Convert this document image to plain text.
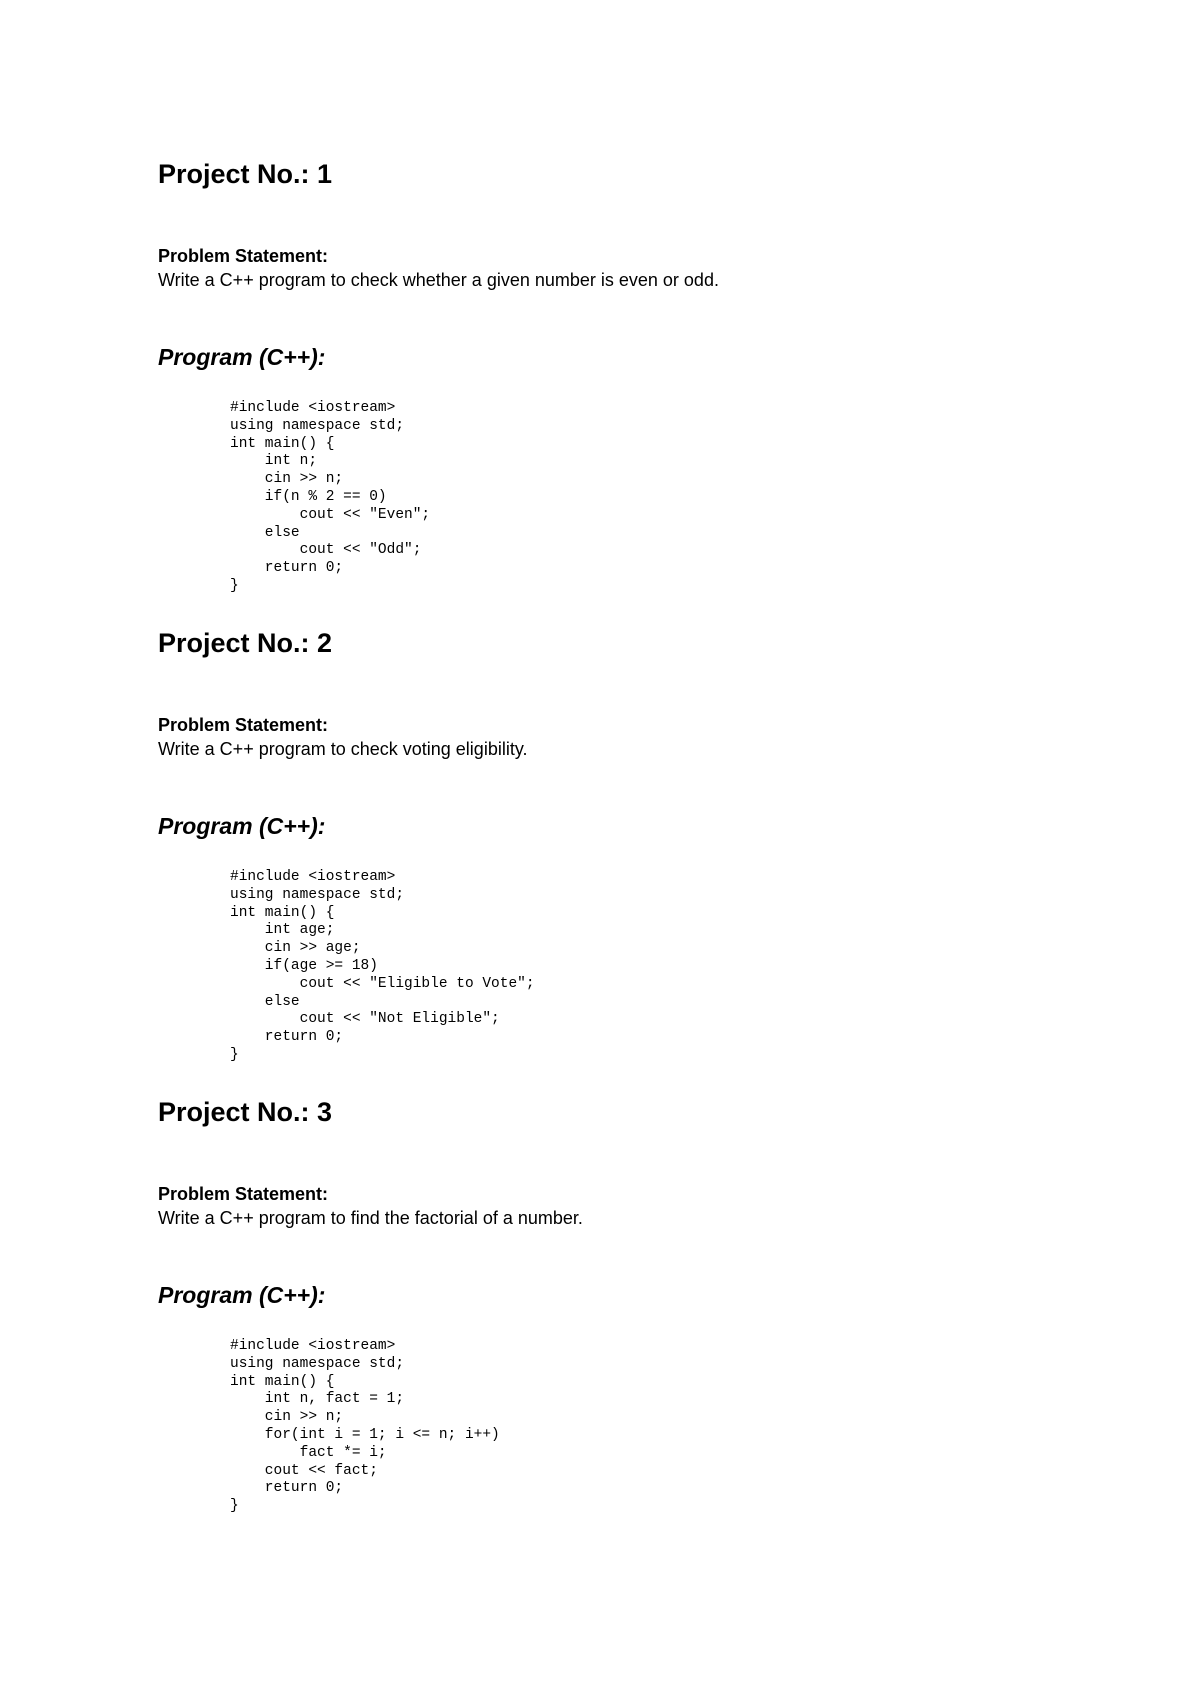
Project No.: 1
Problem Statement:

Write a C++ program to check whether a given number is even or odd.

Program (C++):
#include <iostream>
using namespace std;
int main() {
int n;
cin >> n;
if(n % 2 == 0)
cout << "Even";
else
cout << "Odd";
return 0;
}
Project No.: 2
Problem Statement:

Write a C++ program to check voting eligibility.

Program (C++):
#include <iostream>
using namespace std;
int main() {
int age;
cin >> age;
if(age >= 18)
cout << "Eligible to Vote";
else
cout << "Not Eligible";
return 0;
}
Project No.: 3
Problem Statement:

Write a C++ program to find the factorial of a number.

Program (C++):
#include <iostream>
using namespace std;
int main() {
int n, fact = 1;
cin >> n;
for(int i = 1; i <= n; i++)
fact *= i;
cout << fact;
return 0;
}
